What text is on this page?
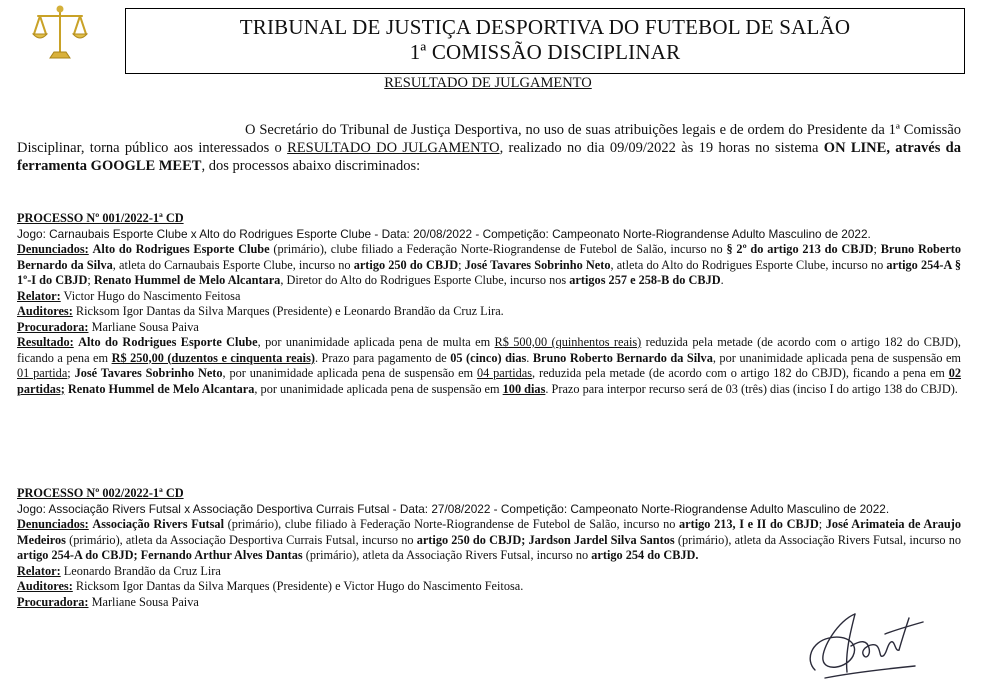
TRIBUNAL DE JUSTIÇA DESPORTIVA DO FUTEBOL DE SALÃO
1ª COMISSÃO DISCIPLINAR
RESULTADO DE JULGAMENTO
O Secretário do Tribunal de Justiça Desportiva, no uso de suas atribuições legais e de ordem do Presidente da 1ª Comissão Disciplinar, torna público aos interessados o RESULTADO DO JULGAMENTO, realizado no dia 09/09/2022 às 19 horas no sistema ON LINE, através da ferramenta GOOGLE MEET, dos processos abaixo discriminados:

PROCESSO Nº 001/2022-1ª CD

Jogo: Carnaubais Esporte Clube x Alto do Rodrigues Esporte Clube - Data: 20/08/2022 - Competição: Campeonato Norte-Riograndense Adulto Masculino de 2022.

Denunciados: Alto do Rodrigues Esporte Clube (primário), clube filiado a Federação Norte-Riograndense de Futebol de Salão, incurso no § 2º do artigo 213 do CBJD; Bruno Roberto Bernardo da Silva, atleta do Carnaubais Esporte Clube, incurso no artigo 250 do CBJD; José Tavares Sobrinho Neto, atleta do Alto do Rodrigues Esporte Clube, incurso no artigo 254-A § 1º-I do CBJD; Renato Hummel de Melo Alcantara, Diretor do Alto do Rodrigues Esporte Clube, incurso nos artigos 257 e 258-B do CBJD.

Relator: Victor Hugo do Nascimento Feitosa

Auditores: Ricksom Igor Dantas da Silva Marques (Presidente) e Leonardo Brandão da Cruz Lira.

Procuradora: Marliane Sousa Paiva

Resultado: Alto do Rodrigues Esporte Clube, por unanimidade aplicada pena de multa em R$ 500,00 (quinhentos reais) reduzida pela metade (de acordo com o artigo 182 do CBJD), ficando a pena em R$ 250,00 (duzentos e cinquenta reais). Prazo para pagamento de 05 (cinco) dias. Bruno Roberto Bernardo da Silva, por unanimidade aplicada pena de suspensão em 01 partida; José Tavares Sobrinho Neto, por unanimidade aplicada pena de suspensão em 04 partidas, reduzida pela metade (de acordo com o artigo 182 do CBJD), ficando a pena em 02 partidas; Renato Hummel de Melo Alcantara, por unanimidade aplicada pena de suspensão em 100 dias. Prazo para interpor recurso será de 03 (três) dias (inciso I do artigo 138 do CBJD).

PROCESSO Nº 002/2022-1ª CD

Jogo: Associação Rivers Futsal x Associação Desportiva Currais Futsal - Data: 27/08/2022 - Competição: Campeonato Norte-Riograndense Adulto Masculino de 2022.

Denunciados: Associação Rivers Futsal (primário), clube filiado à Federação Norte-Riograndense de Futebol de Salão, incurso no artigo 213, I e II do CBJD; José Arimateia de Araujo Medeiros (primário), atleta da Associação Desportiva Currais Futsal, incurso no artigo 250 do CBJD; Jardson Jardel Silva Santos (primário), atleta da Associação Rivers Futsal, incurso no artigo 254-A do CBJD; Fernando Arthur Alves Dantas (primário), atleta da Associação Rivers Futsal, incurso no artigo 254 do CBJD.

Relator: Leonardo Brandão da Cruz Lira

Auditores: Ricksom Igor Dantas da Silva Marques (Presidente) e Victor Hugo do Nascimento Feitosa.

Procuradora: Marliane Sousa Paiva
